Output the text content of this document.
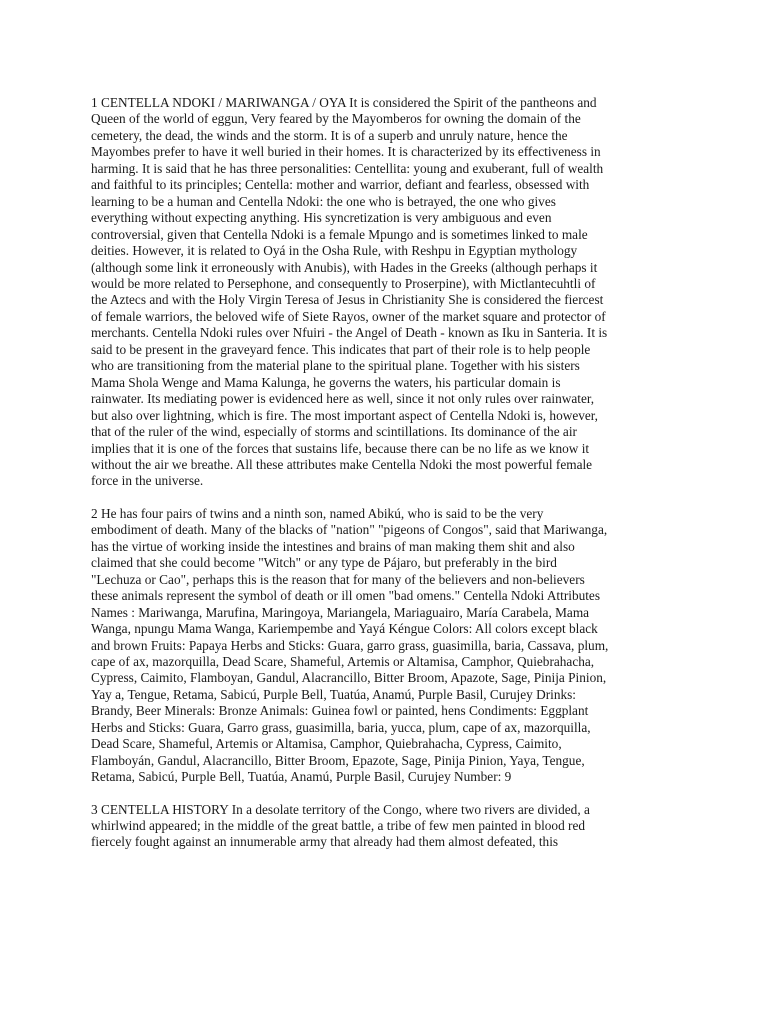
1 CENTELLA NDOKI / MARIWANGA / OYA It is considered the Spirit of the pantheons and
Queen of the world of eggun, Very feared by the Mayomberos for owning the domain of the
cemetery, the dead, the winds and the storm. It is of a superb and unruly nature, hence the
Mayombes prefer to have it well buried in their homes. It is characterized by its effectiveness in
harming. It is said that he has three personalities: Centellita: young and exuberant, full of wealth
and faithful to its principles; Centella: mother and warrior, defiant and fearless, obsessed with
learning to be a human and Centella Ndoki: the one who is betrayed, the one who gives
everything without expecting anything. His syncretization is very ambiguous and even
controversial, given that Centella Ndoki is a female Mpungo and is sometimes linked to male
deities. However, it is related to Oyá in the Osha Rule, with Reshpu in Egyptian mythology
(although some link it erroneously with Anubis), with Hades in the Greeks (although perhaps it
would be more related to Persephone, and consequently to Proserpine), with Mictlantecuhtli of
the Aztecs and with the Holy Virgin Teresa of Jesus in Christianity She is considered the fiercest
of female warriors, the beloved wife of Siete Rayos, owner of the market square and protector of
merchants. Centella Ndoki rules over Nfuiri - the Angel of Death - known as Iku in Santeria. It is
said to be present in the graveyard fence. This indicates that part of their role is to help people
who are transitioning from the material plane to the spiritual plane. Together with his sisters
Mama Shola Wenge and Mama Kalunga, he governs the waters, his particular domain is
rainwater. Its mediating power is evidenced here as well, since it not only rules over rainwater,
but also over lightning, which is fire. The most important aspect of Centella Ndoki is, however,
that of the ruler of the wind, especially of storms and scintillations. Its dominance of the air
implies that it is one of the forces that sustains life, because there can be no life as we know it
without the air we breathe. All these attributes make Centella Ndoki the most powerful female
force in the universe.
2 He has four pairs of twins and a ninth son, named Abikú, who is said to be the very
embodiment of death. Many of the blacks of "nation" "pigeons of Congos", said that Mariwanga,
has the virtue of working inside the intestines and brains of man making them shit and also
claimed that she could become "Witch" or any type de Pájaro, but preferably in the bird
"Lechuza or Cao", perhaps this is the reason that for many of the believers and non-believers
these animals represent the symbol of death or ill omen "bad omens." Centella Ndoki Attributes
Names : Mariwanga, Marufina, Maringoya, Mariangela, Mariaguairo, María Carabela, Mama
Wanga, npungu Mama Wanga, Kariempembe and Yayá Kéngue Colors: All colors except black
and brown Fruits: Papaya Herbs and Sticks: Guara, garro grass, guasimilla, baria, Cassava, plum,
cape of ax, mazorquilla, Dead Scare, Shameful, Artemis or Altamisa, Camphor, Quiebrahacha,
Cypress, Caimito, Flamboyan, Gandul, Alacrancillo, Bitter Broom, Apazote, Sage, Pinija Pinion,
Yay a, Tengue, Retama, Sabicú, Purple Bell, Tuatúa, Anamú, Purple Basil, Curujey Drinks:
Brandy, Beer Minerals: Bronze Animals: Guinea fowl or painted, hens Condiments: Eggplant
Herbs and Sticks: Guara, Garro grass, guasimilla, baria, yucca, plum, cape of ax, mazorquilla,
Dead Scare, Shameful, Artemis or Altamisa, Camphor, Quiebrahacha, Cypress, Caimito,
Flamboyán, Gandul, Alacrancillo, Bitter Broom, Epazote, Sage, Pinija Pinion, Yaya, Tengue,
Retama, Sabicú, Purple Bell, Tuatúa, Anamú, Purple Basil, Curujey Number: 9
3 CENTELLA HISTORY In a desolate territory of the Congo, where two rivers are divided, a
whirlwind appeared; in the middle of the great battle, a tribe of few men painted in blood red
fiercely fought against an innumerable army that already had them almost defeated, this
